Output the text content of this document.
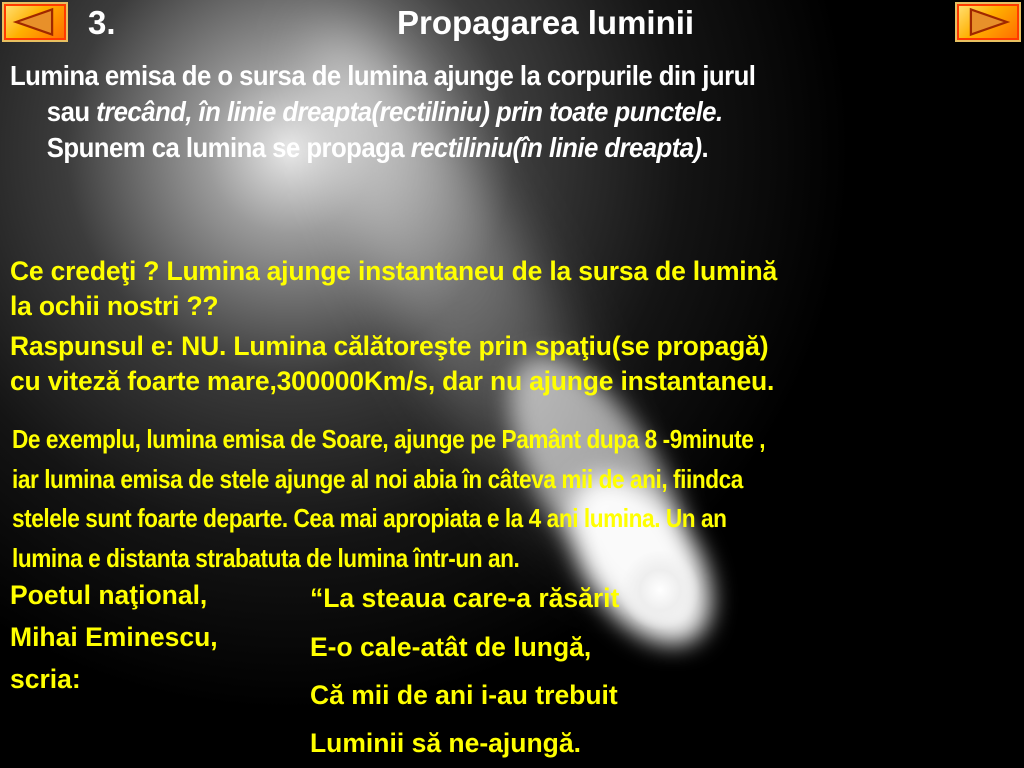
3.	Propagarea luminii
Lumina emisa de o sursa de lumina ajunge la corpurile din jurul
sau trecând, în linie dreapta(rectiliniu) prin toate punctele.
Spunem ca lumina se propaga rectiliniu(în linie dreapta).
Ce credeţi ? Lumina ajunge instantaneu de la sursa de lumină
la ochii nostri ??
Raspunsul e: NU. Lumina călătoreşte prin spaţiu(se propagă)
cu viteză foarte mare,300000Km/s, dar nu ajunge instantaneu.
De exemplu, lumina emisa de Soare, ajunge pe Pamânt dupa 8 -9minute ,
iar lumina emisa de stele ajunge al noi abia în câteva mii de ani, fiindca
stelele sunt foarte departe. Cea mai apropiata e la 4 ani lumina. Un an
lumina e distanta strabatuta de lumina într-un an.
Poetul naţional,
Mihai Eminescu,
scria:
“La steaua care-a răsărit
E-o cale-atât de lungă,
Că mii de ani i-au trebuit
Luminii să ne-ajungă.
